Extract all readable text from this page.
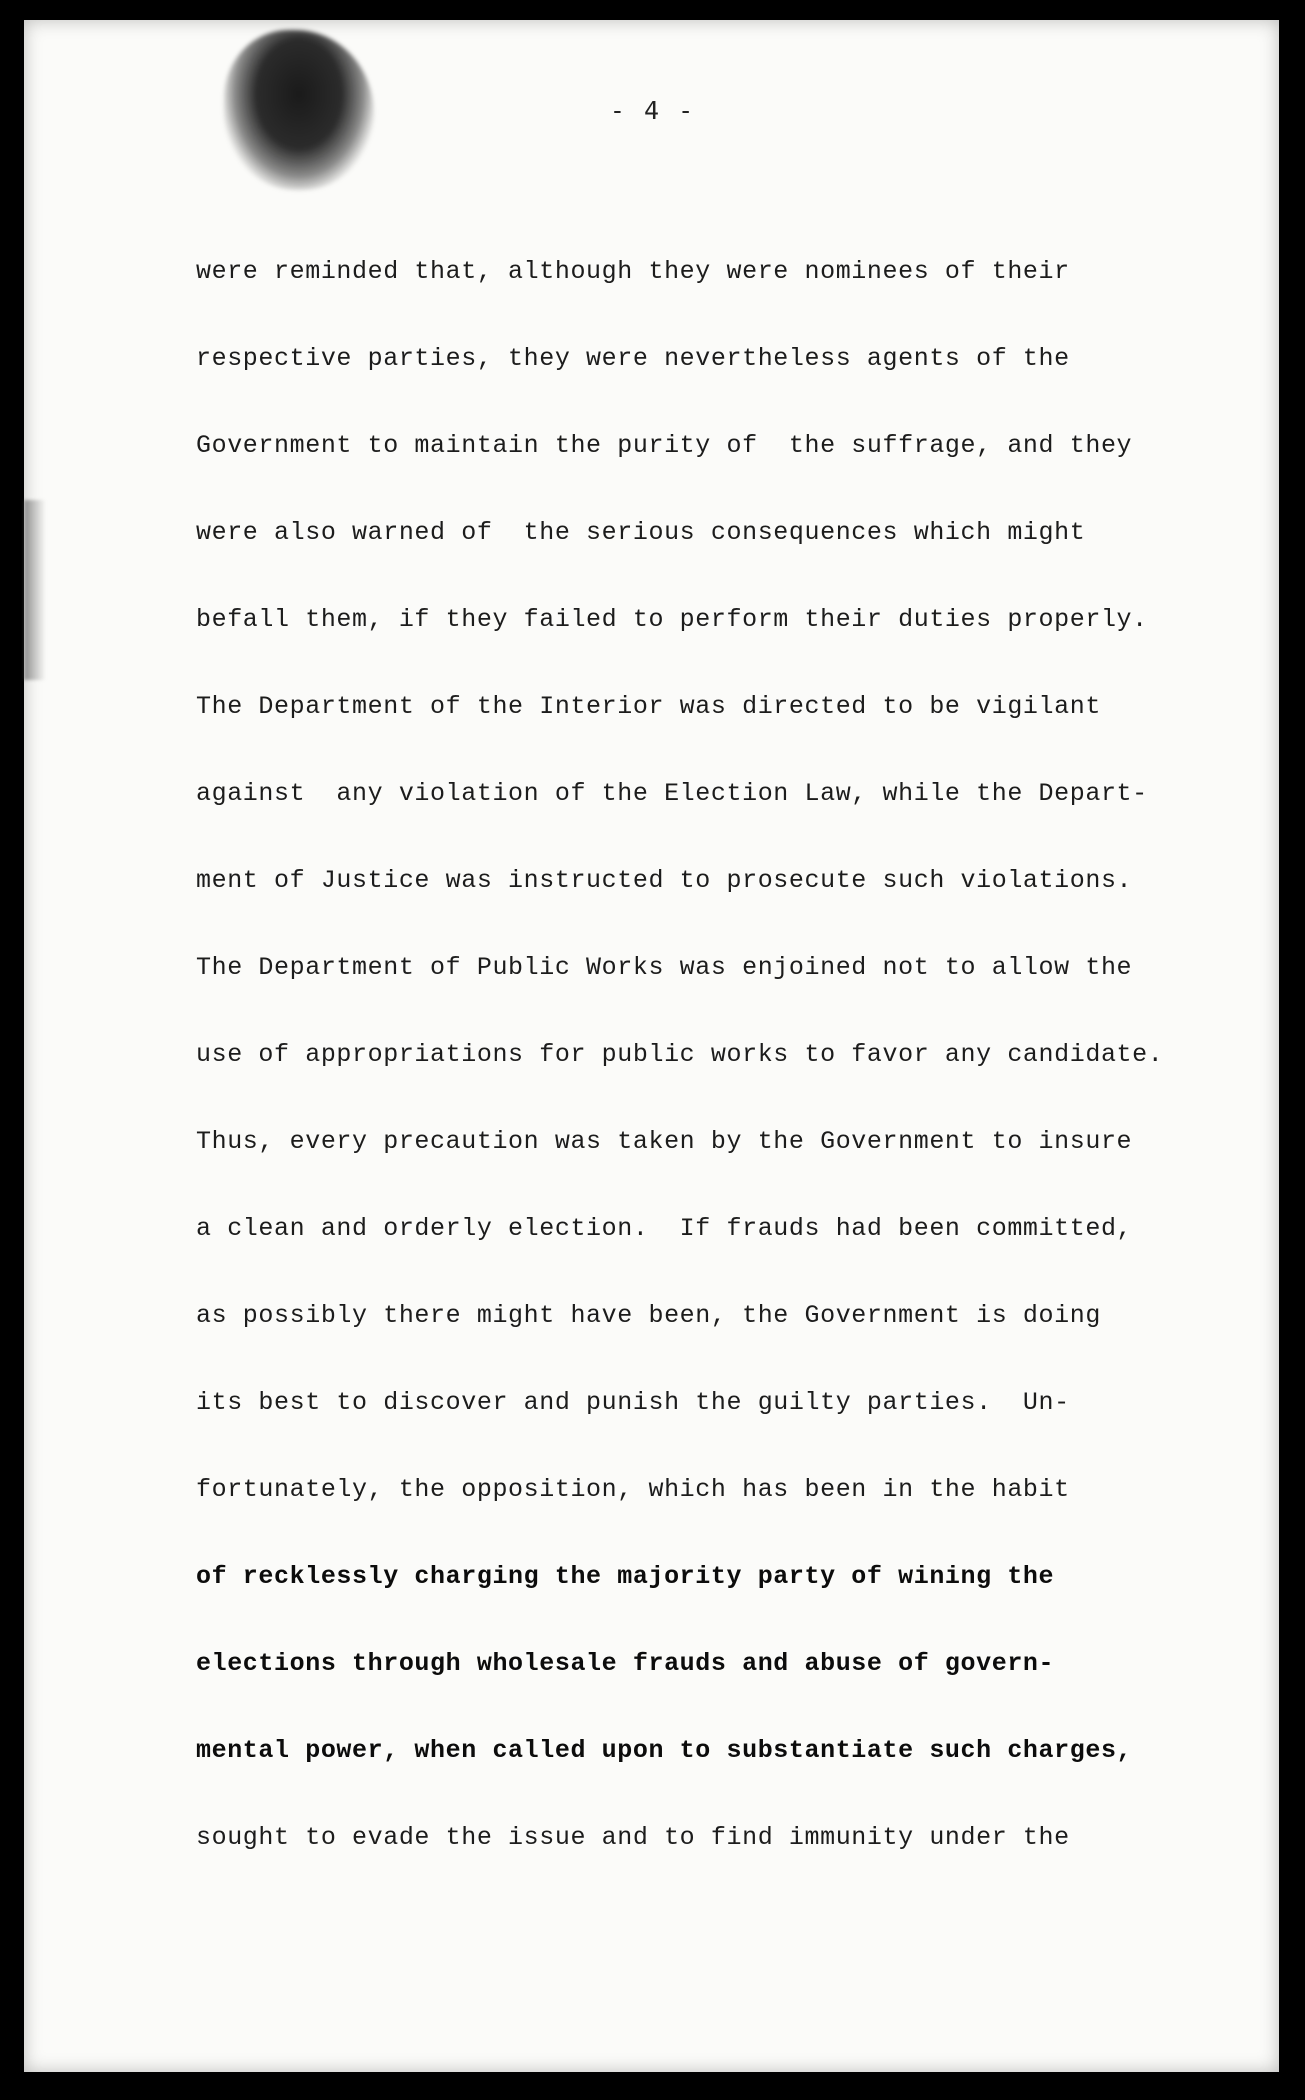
- 4 -
were reminded that, although they were nominees of their
respective parties, they were nevertheless agents of the
Government to maintain the purity of  the suffrage, and they
were also warned of  the serious consequences which might
befall them, if they failed to perform their duties properly.
The Department of the Interior was directed to be vigilant
against  any violation of the Election Law, while the Depart-
ment of Justice was instructed to prosecute such violations.
The Department of Public Works was enjoined not to allow the
use of appropriations for public works to favor any candidate.
Thus, every precaution was taken by the Government to insure
a clean and orderly election.  If frauds had been committed,
as possibly there might have been, the Government is doing
its best to discover and punish the guilty parties.  Un-
fortunately, the opposition, which has been in the habit
of recklessly charging the majority party of wining the
elections through wholesale frauds and abuse of govern-
mental power, when called upon to substantiate such charges,
sought to evade the issue and to find immunity under the
